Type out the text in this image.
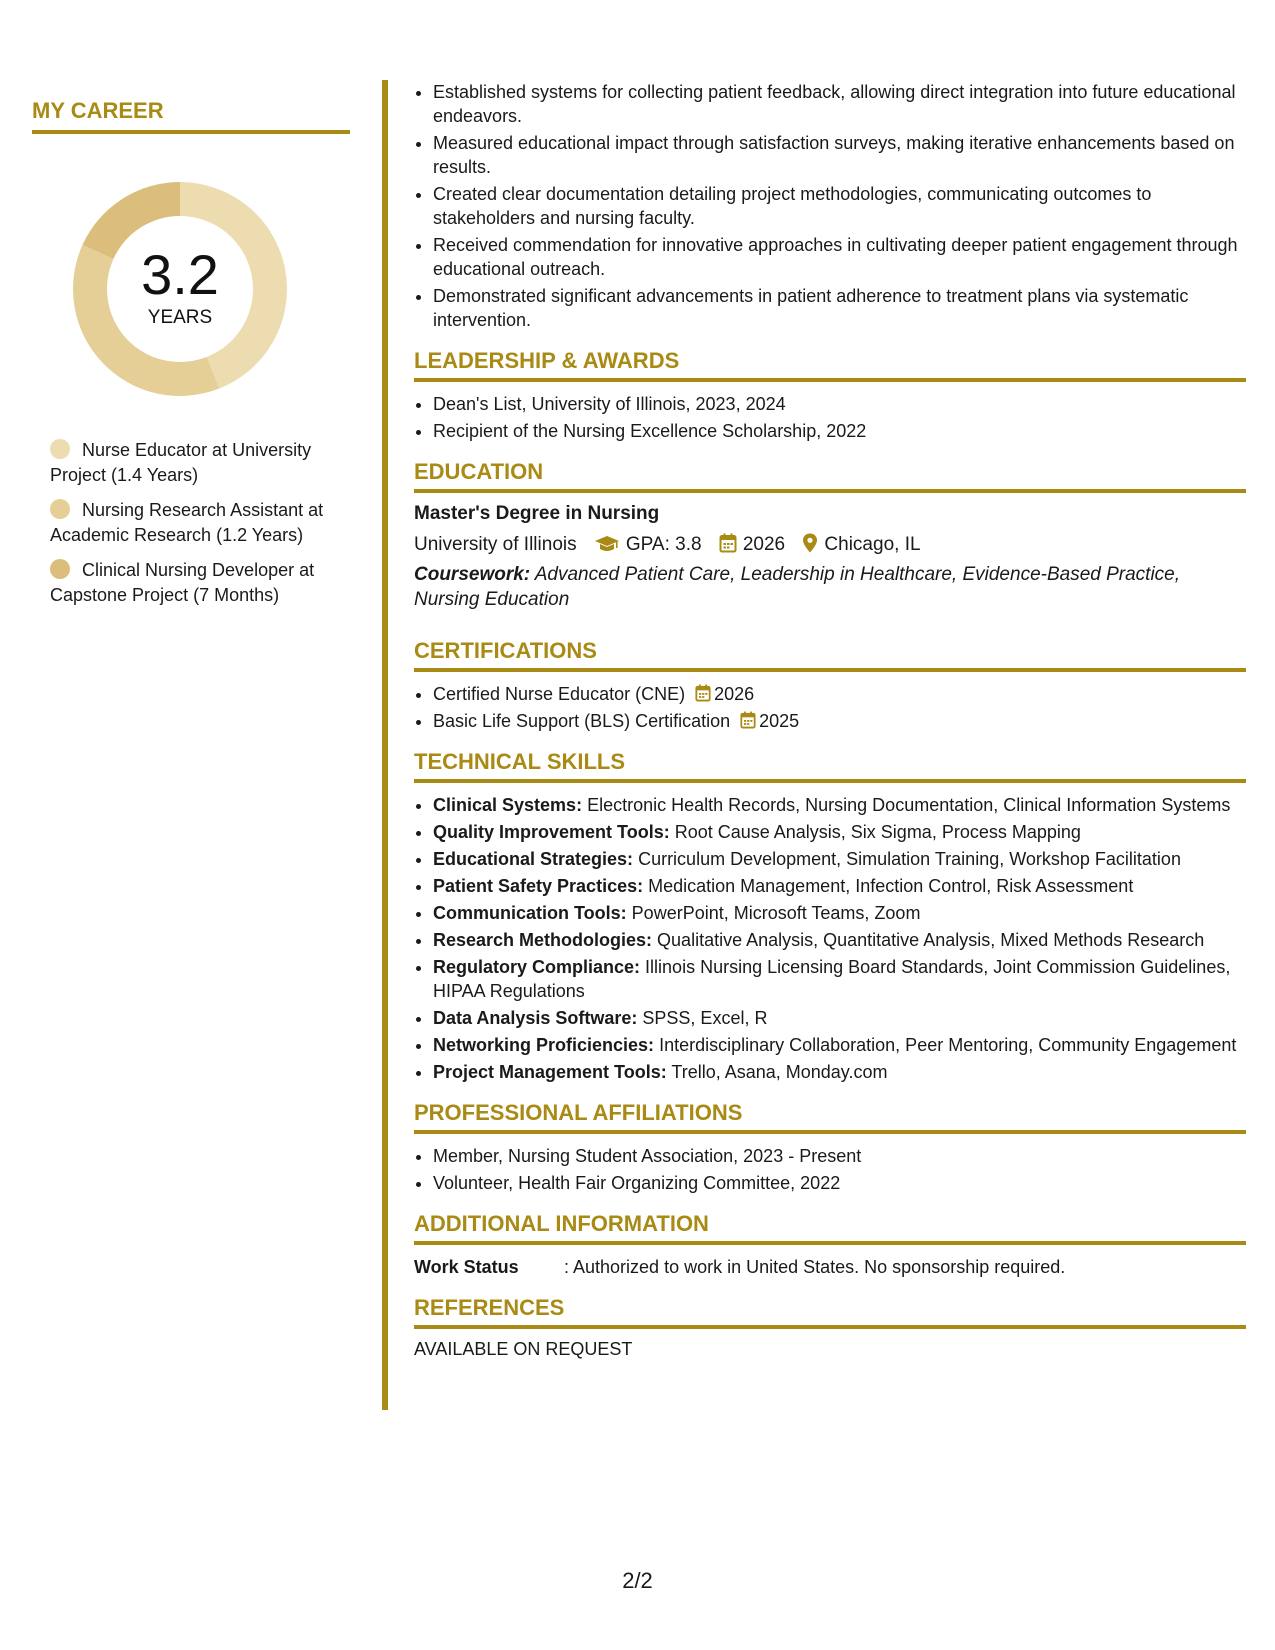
MY CAREER
3.2
YEARS
Nurse Educator at University Project (1.4 Years)
Nursing Research Assistant at Academic Research (1.2 Years)
Clinical Nursing Developer at Capstone Project (7 Months)
• Established systems for collecting patient feedback, allowing direct integration into future educational endeavors.
• Measured educational impact through satisfaction surveys, making iterative enhancements based on results.
• Created clear documentation detailing project methodologies, communicating outcomes to stakeholders and nursing faculty.
• Received commendation for innovative approaches in cultivating deeper patient engagement through educational outreach.
• Demonstrated significant advancements in patient adherence to treatment plans via systematic intervention.
LEADERSHIP & AWARDS
• Dean's List, University of Illinois, 2023, 2024
• Recipient of the Nursing Excellence Scholarship, 2022
EDUCATION
Master's Degree in Nursing
University of Illinois	GPA: 3.8 2026 Chicago, IL
Coursework: Advanced Patient Care, Leadership in Healthcare, Evidence-Based Practice, Nursing Education
CERTIFICATIONS
• Certified Nurse Educator (CNE) 2026
• Basic Life Support (BLS) Certification 2025
TECHNICAL SKILLS
• Clinical Systems: Electronic Health Records, Nursing Documentation, Clinical Information Systems
• Quality Improvement Tools: Root Cause Analysis, Six Sigma, Process Mapping
• Educational Strategies: Curriculum Development, Simulation Training, Workshop Facilitation
• Patient Safety Practices: Medication Management, Infection Control, Risk Assessment
• Communication Tools: PowerPoint, Microsoft Teams, Zoom
• Research Methodologies: Qualitative Analysis, Quantitative Analysis, Mixed Methods Research
• Regulatory Compliance: Illinois Nursing Licensing Board Standards, Joint Commission Guidelines, HIPAA Regulations
• Data Analysis Software: SPSS, Excel, R
• Networking Proficiencies: Interdisciplinary Collaboration, Peer Mentoring, Community Engagement
• Project Management Tools: Trello, Asana, Monday.com
PROFESSIONAL AFFILIATIONS
• Member, Nursing Student Association, 2023 - Present
• Volunteer, Health Fair Organizing Committee, 2022
ADDITIONAL INFORMATION
Work Status	: Authorized to work in United States. No sponsorship required.
REFERENCES
AVAILABLE ON REQUEST
2/2
